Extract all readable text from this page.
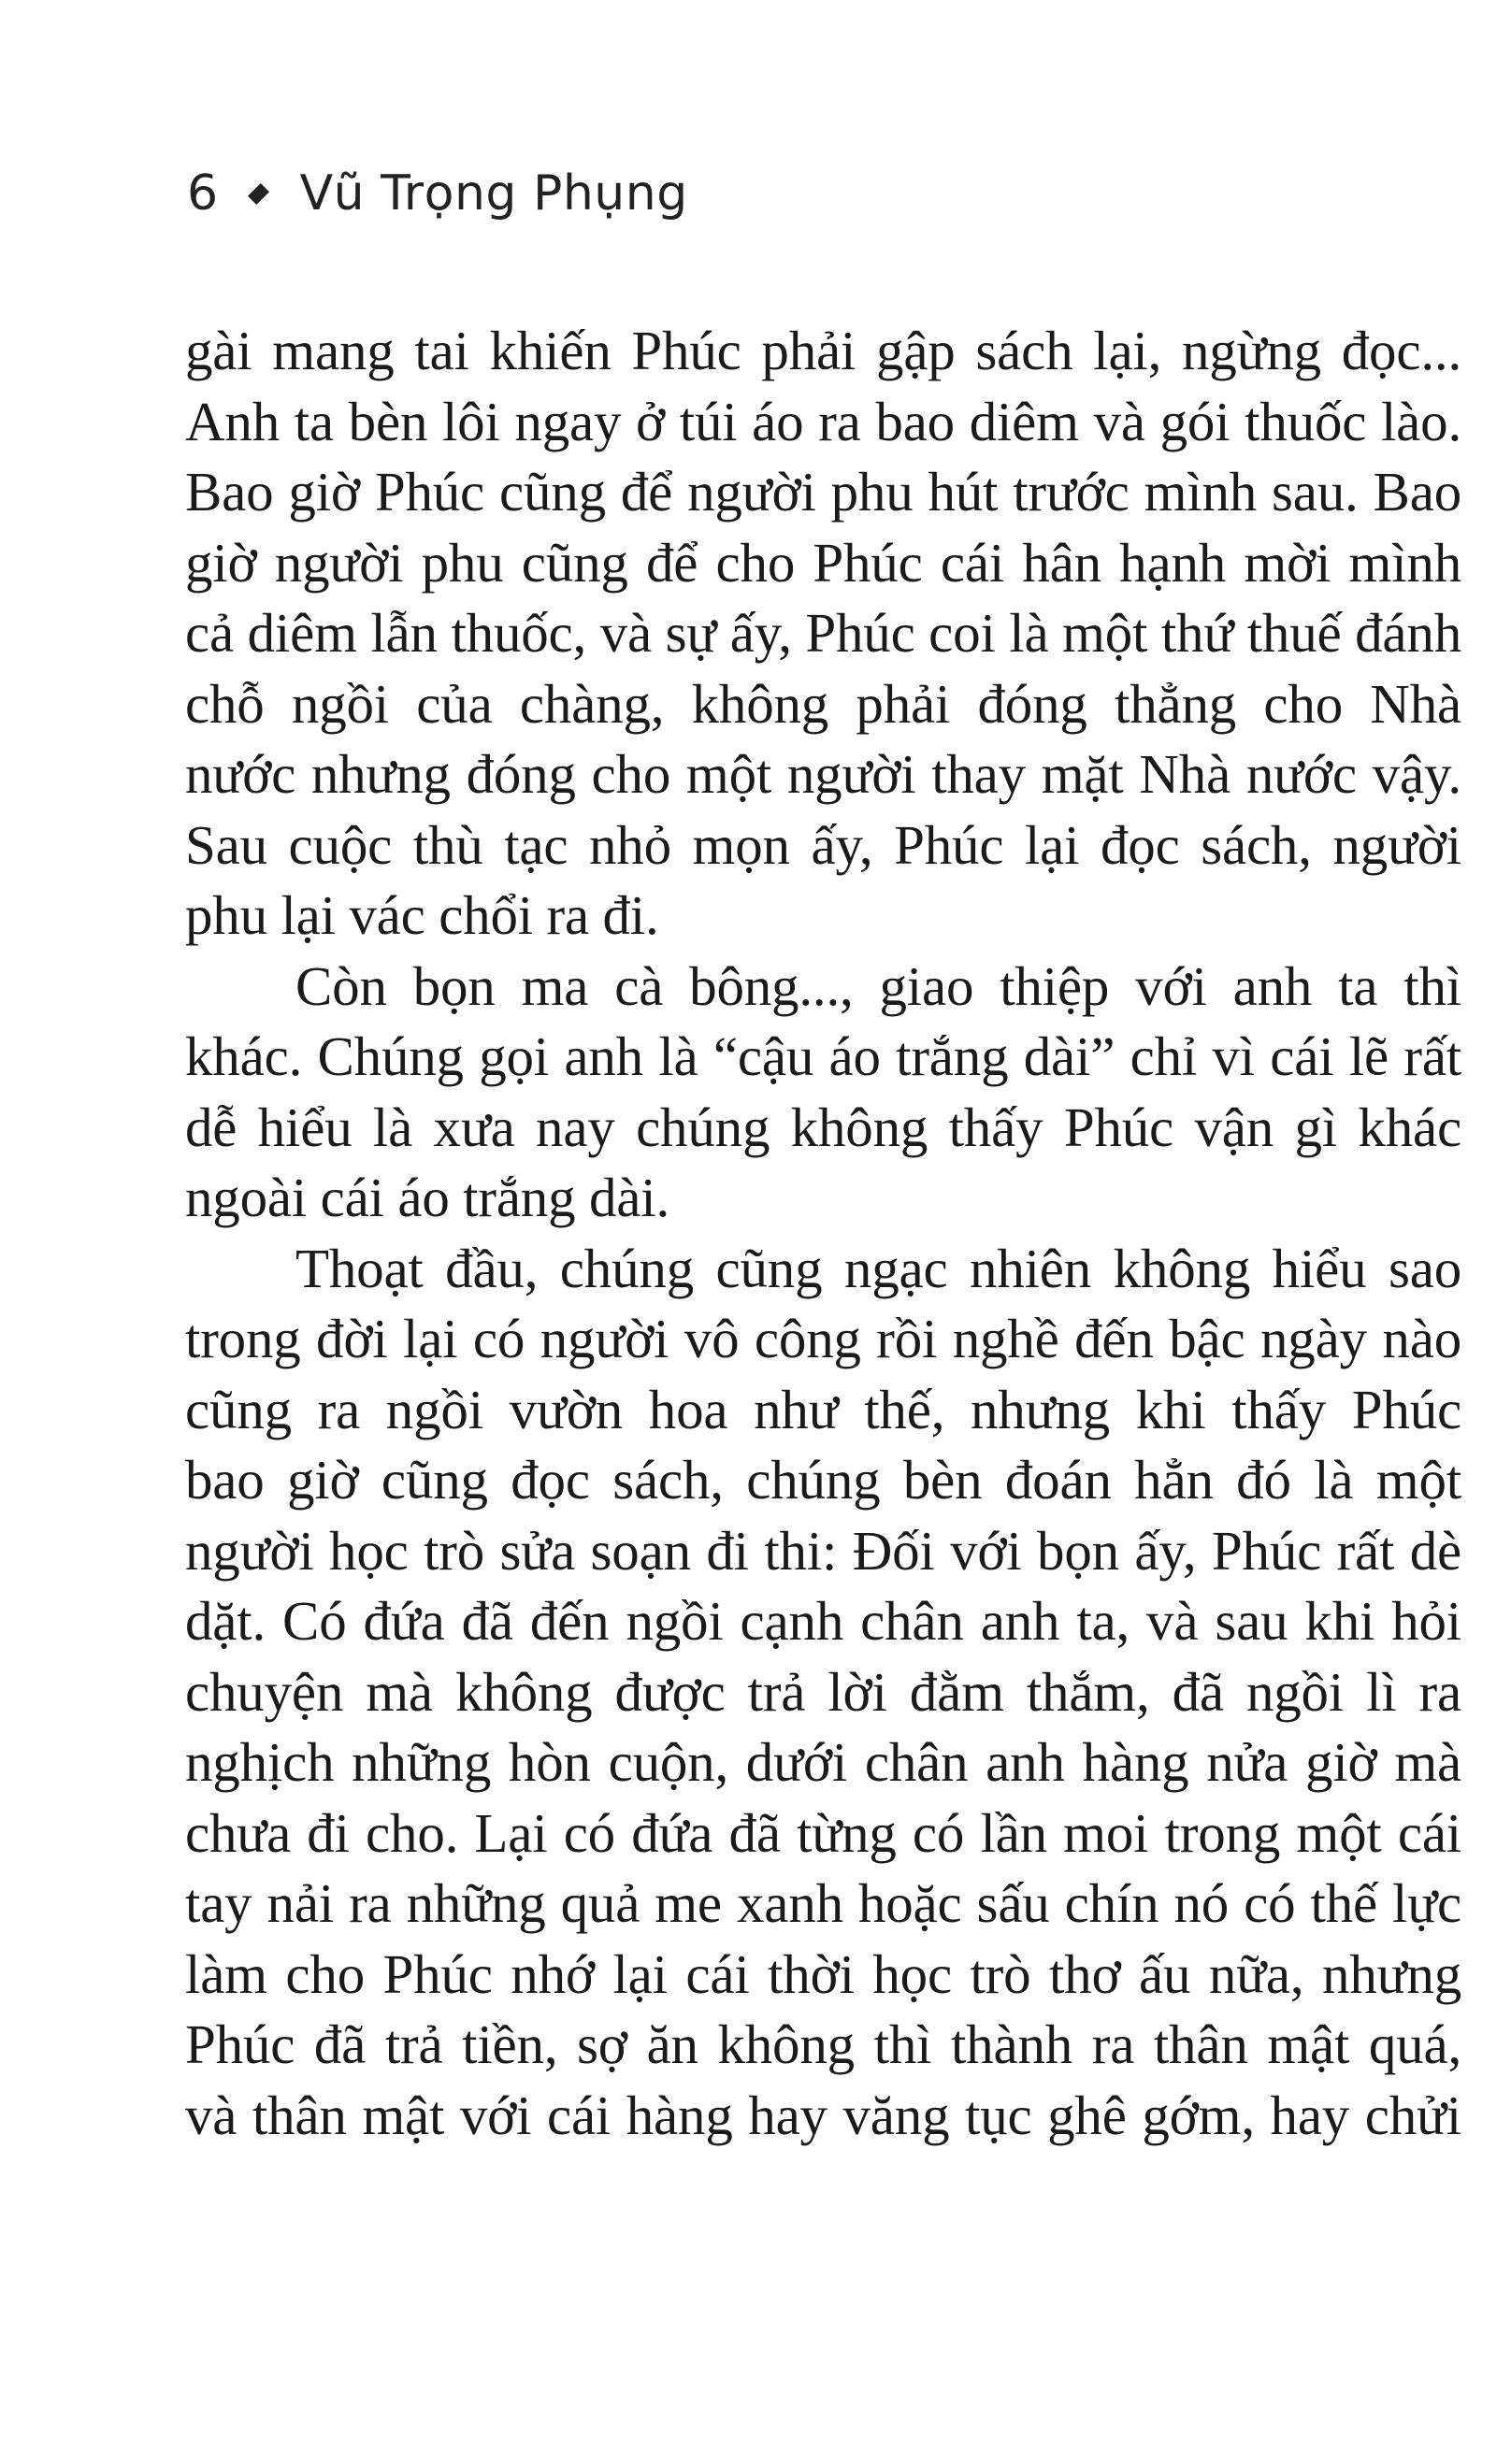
6 Vũ Trọng Phụng
gài mang tai khiến Phúc phải gập sách lại, ngừng đọc...
Anh ta bèn lôi ngay ở túi áo ra bao diêm và gói thuốc lào.
Bao giờ Phúc cũng để người phu hút trước mình sau. Bao
giờ người phu cũng để cho Phúc cái hân hạnh mời mình
cả diêm lẫn thuốc, và sự ấy, Phúc coi là một thứ thuế đánh
chỗ ngồi của chàng, không phải đóng thẳng cho Nhà
nước nhưng đóng cho một người thay mặt Nhà nước vậy.
Sau cuộc thù tạc nhỏ mọn ấy, Phúc lại đọc sách, người
phu lại vác chổi ra đi.
Còn bọn ma cà bông..., giao thiệp với anh ta thì
khác. Chúng gọi anh là “cậu áo trắng dài” chỉ vì cái lẽ rất
dễ hiểu là xưa nay chúng không thấy Phúc vận gì khác
ngoài cái áo trắng dài.
Thoạt đầu, chúng cũng ngạc nhiên không hiểu sao
trong đời lại có người vô công rồi nghề đến bậc ngày nào
cũng ra ngồi vườn hoa như thế, nhưng khi thấy Phúc
bao giờ cũng đọc sách, chúng bèn đoán hẳn đó là một
người học trò sửa soạn đi thi: Đối với bọn ấy, Phúc rất dè
dặt. Có đứa đã đến ngồi cạnh chân anh ta, và sau khi hỏi
chuyện mà không được trả lời đằm thắm, đã ngồi lì ra
nghịch những hòn cuộn, dưới chân anh hàng nửa giờ mà
chưa đi cho. Lại có đứa đã từng có lần moi trong một cái
tay nải ra những quả me xanh hoặc sấu chín nó có thế lực
làm cho Phúc nhớ lại cái thời học trò thơ ấu nữa, nhưng
Phúc đã trả tiền, sợ ăn không thì thành ra thân mật quá,
và thân mật với cái hàng hay văng tục ghê gớm, hay chửi
